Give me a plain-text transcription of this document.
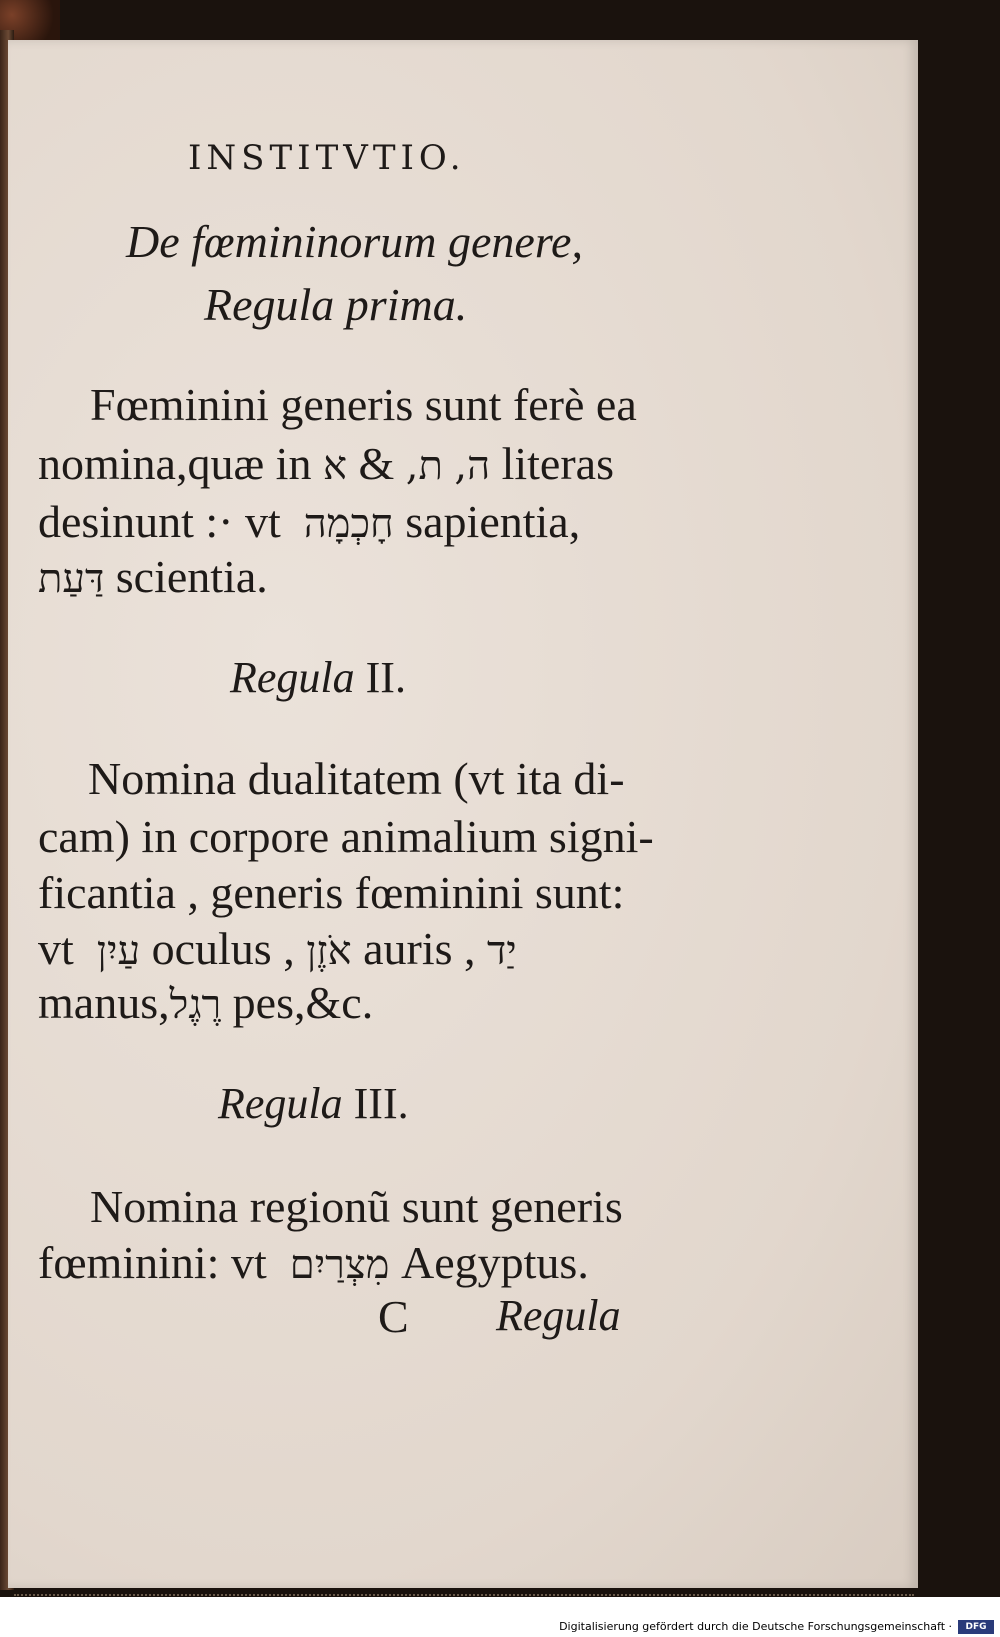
INSTITVTIO.
De fœmininorum genere,
Regula prima.
Fœminini generis sunt ferè ea
nomina,quæ in	ה, ת, & א	literas
desinunt :· vt חָכְמָה sapientia,
דַּעַת scientia.
Regula II.
Nomina dualitatem (vt ita di-
cam) in corpore animalium signi-
ficantia , generis fœminini sunt:
vt עַיִן oculus , אֹזֶן auris , יַד
manus,רֶגֶל pes,&c.
Regula III.
Nomina regionũ sunt generis
fœminini: vt מִצְרַיִם Aegyptus.
C Regula
Digitalisierung gefördert durch die Deutsche Forschungsgemeinschaft ·	DFG
